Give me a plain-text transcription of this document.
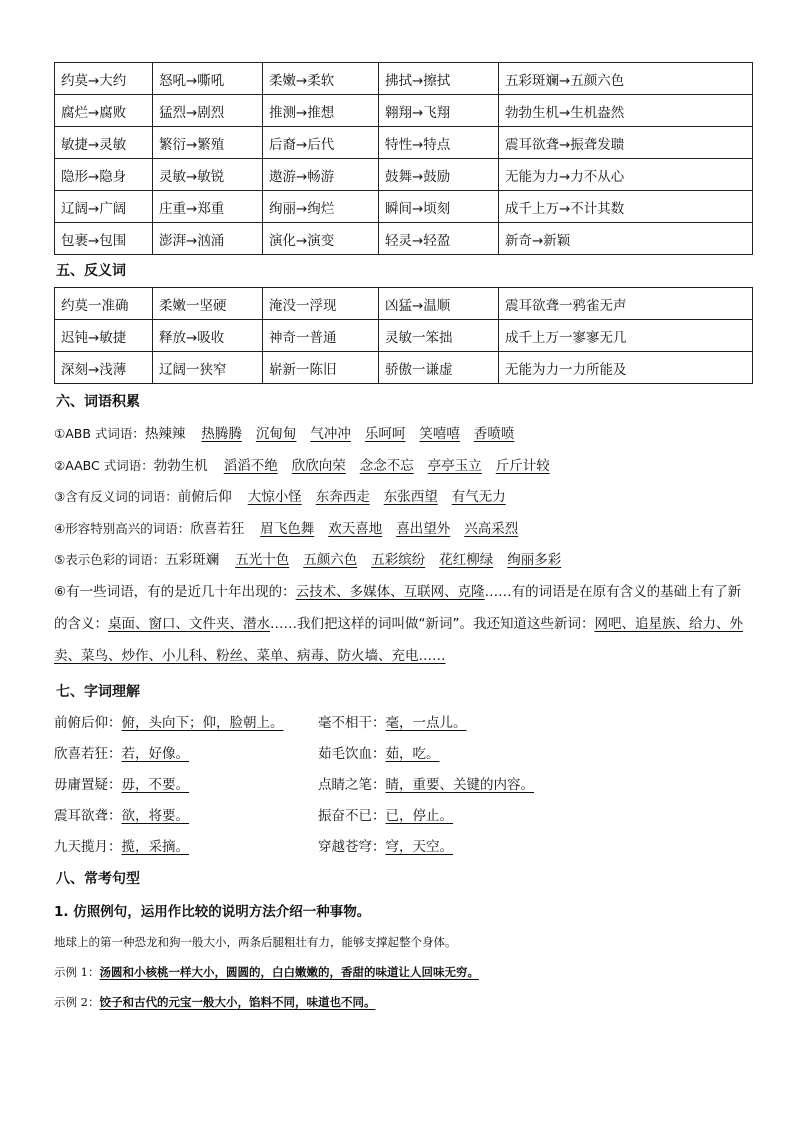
约莫→大约	怒吼→嘶吼	柔嫩→柔软	拂拭→擦拭	五彩斑斓→五颜六色
腐烂→腐败	猛烈→剧烈	推测→推想	翱翔→飞翔	勃勃生机→生机盎然
敏捷→灵敏	繁衍→繁殖	后裔→后代	特性→特点	震耳欲聋→振聋发聩
隐形→隐身	灵敏→敏锐	遨游→畅游	鼓舞→鼓励	无能为力→力不从心
辽阔→广阔	庄重→郑重	绚丽→绚烂	瞬间→顷刻	成千上万→不计其数
包裹→包围	澎湃→汹涌	演化→演变	轻灵→轻盈	新奇→新颖
五、反义词
约莫一准确	柔嫩一坚硬	淹没一浮现	凶猛→温顺	震耳欲聋一鸦雀无声
迟钝→敏捷	释放→吸收	神奇一普通	灵敏一笨拙	成千上万一寥寥无几
深刻→浅薄	辽阔一狭窄	崭新一陈旧	骄傲一谦虚	无能为力一力所能及
六、词语积累
①ABB 式词语：热辣辣 热腾腾 沉甸甸 气冲冲 乐呵呵 笑嘻嘻 香喷喷
②AABC 式词语：勃勃生机 滔滔不绝 欣欣向荣 念念不忘 亭亭玉立 斤斤计较
③含有反义词的词语：前俯后仰 大惊小怪 东奔西走 东张西望 有气无力
④形容特别高兴的词语：欣喜若狂 眉飞色舞 欢天喜地 喜出望外 兴高采烈
⑤表示色彩的词语：五彩斑斓 五光十色 五颜六色 五彩缤纷 花红柳绿 绚丽多彩
⑥有一些词语，有的是近几十年出现的：云技术、多媒体、互联网、克隆……有的词语是在原有含义的基础上有了新的含义：桌面、窗口、文件夹、潜水……我们把这样的词叫做“新词”。我还知道这些新词：网吧、追星族、给力、外卖、菜鸟、炒作、小儿科、粉丝、菜单、病毒、防火墙、充电……
七、字词理解
前俯后仰：俯，头向下；仰，脸朝上。	毫不相干：毫，一点儿。
欣喜若狂：若，好像。	茹毛饮血：茹，吃。
毋庸置疑：毋，不要。	点睛之笔：睛，重要、关键的内容。
震耳欲聋：欲，将要。	振奋不已：已，停止。
九天揽月：揽，采摘。	穿越苍穹：穹，天空。
八、常考句型
1. 仿照例句，运用作比较的说明方法介绍一种事物。
地球上的第一种恐龙和狗一般大小，两条后腿粗壮有力，能够支撑起整个身体。
示例 1：汤圆和小核桃一样大小，圆圆的，白白嫩嫩的，香甜的味道让人回味无穷。
示例 2：饺子和古代的元宝一般大小，馅料不同，味道也不同。
